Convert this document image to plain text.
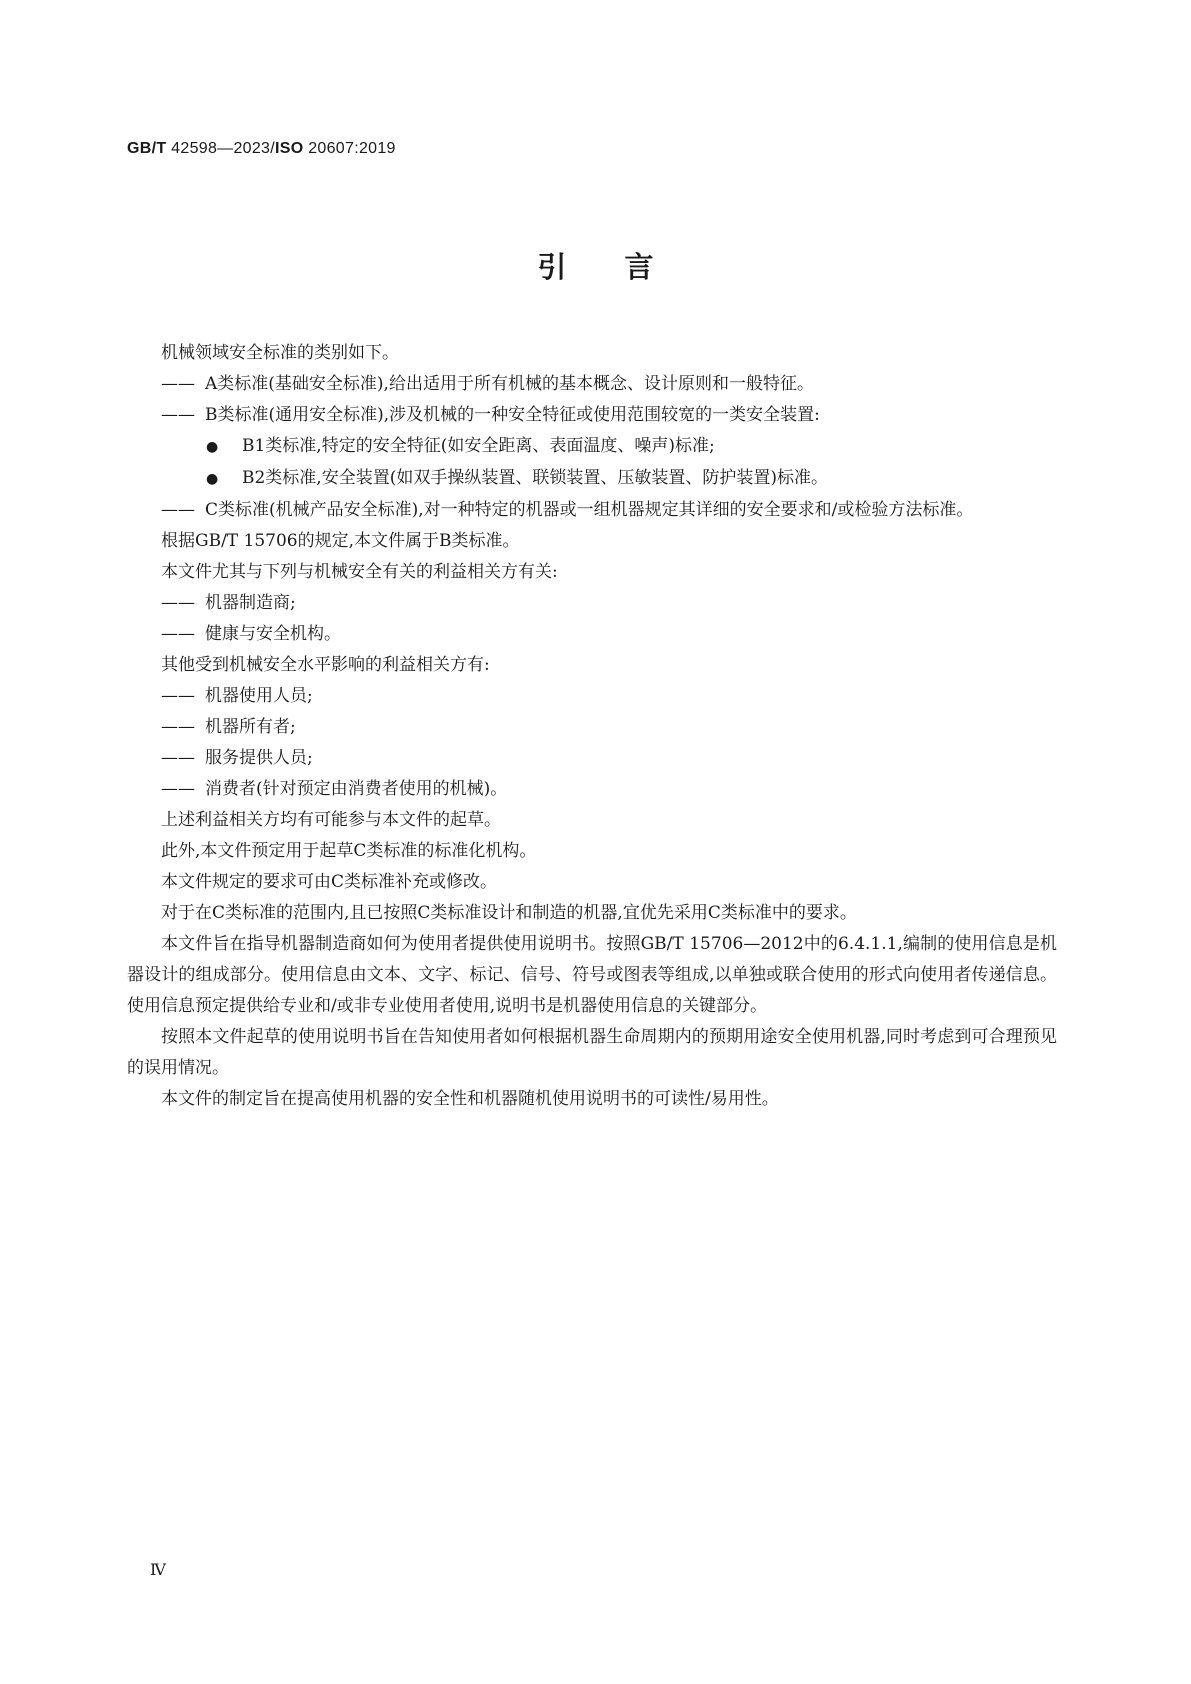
GB/T 42598—2023/ISO 20607:2019
引言

机械领域安全标准的类别如下。

—— A类标准(基础安全标准),给出适用于所有机械的基本概念、设计原则和一般特征。

—— B类标准(通用安全标准),涉及机械的一种安全特征或使用范围较宽的一类安全装置:

● B1类标准,特定的安全特征(如安全距离、表面温度、噪声)标准;

● B2类标准,安全装置(如双手操纵装置、联锁装置、压敏装置、防护装置)标准。

—— C类标准(机械产品安全标准),对一种特定的机器或一组机器规定其详细的安全要求和/或检验方法标准。

根据GB/T 15706的规定,本文件属于B类标准。

本文件尤其与下列与机械安全有关的利益相关方有关:

—— 机器制造商;

—— 健康与安全机构。

其他受到机械安全水平影响的利益相关方有:

—— 机器使用人员;

—— 机器所有者;

—— 服务提供人员;

—— 消费者(针对预定由消费者使用的机械)。

上述利益相关方均有可能参与本文件的起草。

此外,本文件预定用于起草C类标准的标准化机构。

本文件规定的要求可由C类标准补充或修改。

对于在C类标准的范围内,且已按照C类标准设计和制造的机器,宜优先采用C类标准中的要求。

本文件旨在指导机器制造商如何为使用者提供使用说明书。按照GB/T 15706—2012中的6.4.1.1,编制的使用信息是机器设计的组成部分。使用信息由文本、文字、标记、信号、符号或图表等组成,以单独或联合使用的形式向使用者传递信息。使用信息预定提供给专业和/或非专业使用者使用,说明书是机器使用信息的关键部分。

按照本文件起草的使用说明书旨在告知使用者如何根据机器生命周期内的预期用途安全使用机器,同时考虑到可合理预见的误用情况。

本文件的制定旨在提高使用机器的安全性和机器随机使用说明书的可读性/易用性。

Ⅳ
